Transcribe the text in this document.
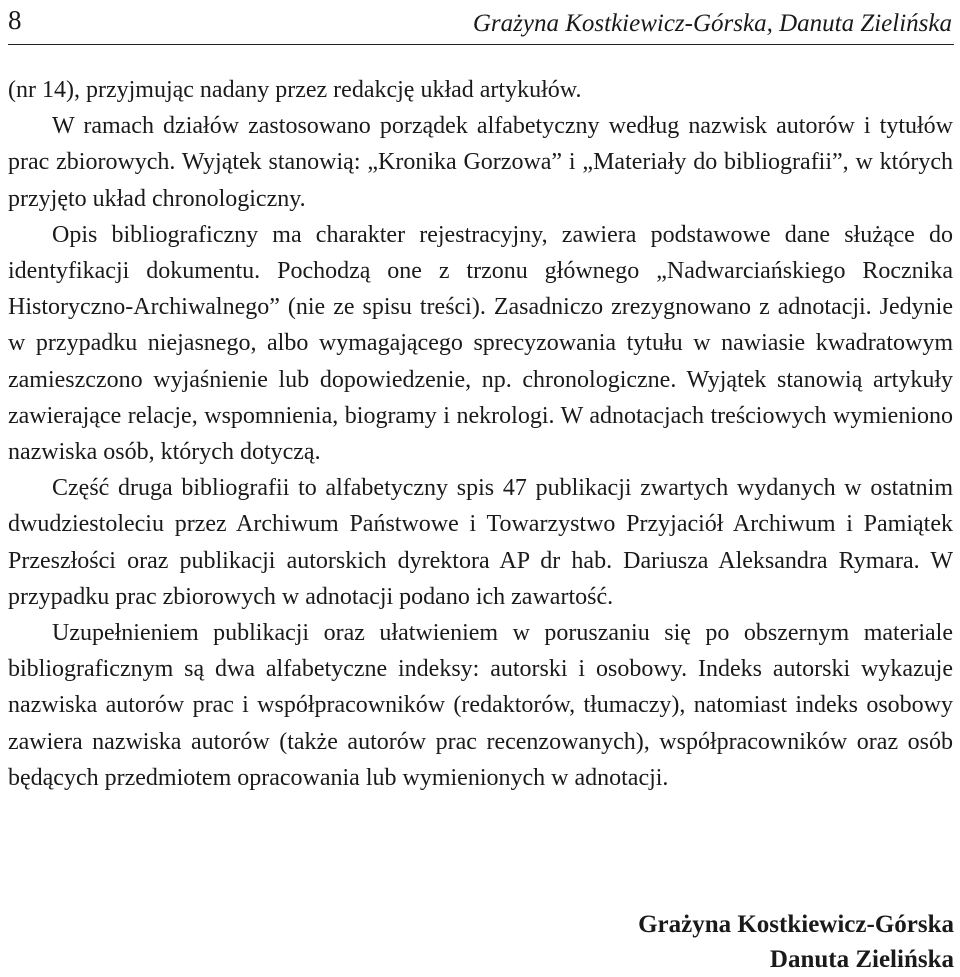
8	Grażyna Kostkiewicz-Górska, Danuta Zielińska

(nr 14), przyjmując nadany przez redakcję układ artykułów.

W ramach działów zastosowano porządek alfabetyczny według nazwisk autorów i tytułów prac zbiorowych. Wyjątek stanowią: „Kronika Gorzowa” i „Materiały do bibliografii”, w których przyjęto układ chronologiczny.

Opis bibliograficzny ma charakter rejestracyjny, zawiera podstawowe dane służące do identyfikacji dokumentu. Pochodzą one z trzonu głównego „Nadwarciańskiego Rocznika Historyczno-Archiwalnego” (nie ze spisu treści). Zasadniczo zrezygnowano z adnotacji. Jedynie w przypadku niejasnego, albo wymagającego sprecyzowania tytułu w nawiasie kwadratowym zamieszczono wyjaśnienie lub dopowiedzenie, np. chronologiczne. Wyjątek stanowią artykuły zawierające relacje, wspomnienia, biogramy i nekrologi. W adnotacjach treściowych wymieniono nazwiska osób, których dotyczą.

Część druga bibliografii to alfabetyczny spis 47 publikacji zwartych wydanych w ostatnim dwudziestoleciu przez Archiwum Państwowe i Towarzystwo Przyjaciół Archiwum i Pamiątek Przeszłości oraz publikacji autorskich dyrektora AP dr hab. Dariusza Aleksandra Rymara. W przypadku prac zbiorowych w adnotacji podano ich zawartość.

Uzupełnieniem publikacji oraz ułatwieniem w poruszaniu się po obszernym materiale bibliograficznym są dwa alfabetyczne indeksy: autorski i osobowy. Indeks autorski wykazuje nazwiska autorów prac i współpracowników (redaktorów, tłumaczy), natomiast indeks osobowy zawiera nazwiska autorów (także autorów prac recenzowanych), współpracowników oraz osób będących przedmiotem opracowania lub wymienionych w adnotacji.

Grażyna Kostkiewicz-Górska
Danuta Zielińska
